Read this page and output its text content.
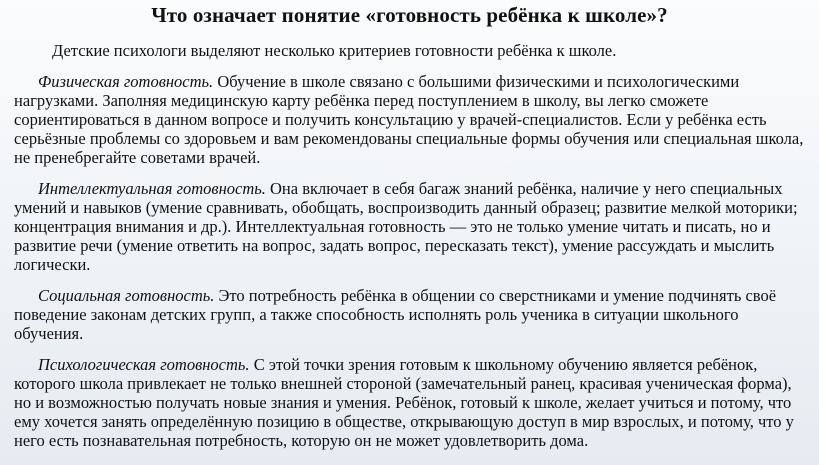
Что означает понятие «готовность ребёнка к школе»?

Детские психологи выделяют несколько критериев готовности ребёнка к школе.

Физическая готовность. Обучение в школе связано с большими физическими и психологическими нагрузками. Заполняя медицинскую карту ребёнка перед поступлением в школу, вы легко сможете сориентироваться в данном вопросе и получить консультацию у врачей-специалистов. Если у ребёнка есть серьёзные проблемы со здоровьем и вам рекомендованы специальные формы обучения или специальная школа, не пренебрегайте советами врачей.

Интеллектуальная готовность. Она включает в себя багаж знаний ребёнка, наличие у него специальных умений и навыков (умение сравнивать, обобщать, воспроизводить данный образец; развитие мелкой моторики; концентрация внимания и др.). Интеллектуальная готовность — это не только умение читать и писать, но и развитие речи (умение ответить на вопрос, задать вопрос, пересказать текст), умение рассуждать и мыслить логически.

Социальная готовность. Это потребность ребёнка в общении со сверстниками и умение подчинять своё поведение законам детских групп, а также способность исполнять роль ученика в ситуации школьного обучения.

Психологическая готовность. С этой точки зрения готовым к школьному обучению является ребёнок, которого школа привлекает не только внешней стороной (замечательный ранец, красивая ученическая форма), но и возможностью получать новые знания и умения. Ребёнок, готовый к школе, желает учиться и потому, что ему хочется занять определённую позицию в обществе, открывающую доступ в мир взрослых, и потому, что у него есть познавательная потребность, которую он не может удовлетворить дома.
